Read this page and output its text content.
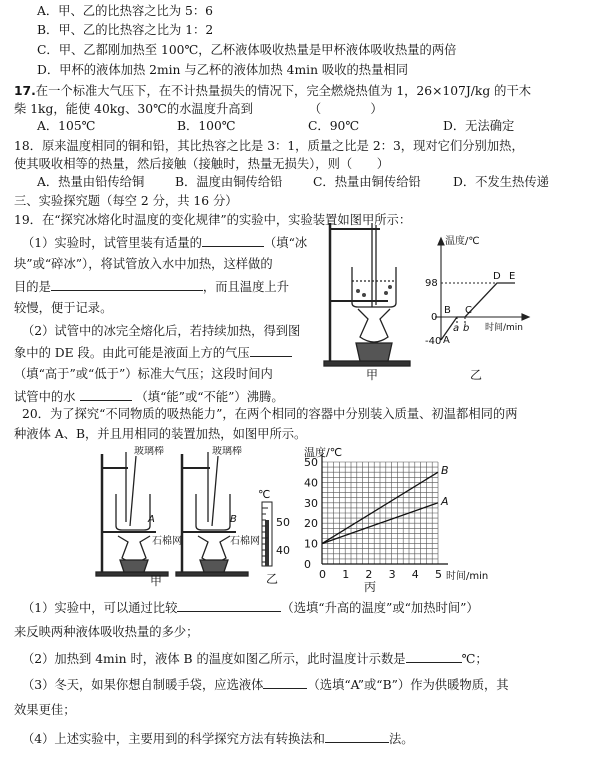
A．甲、乙的比热容之比为 5：6
B．甲、乙的比热容之比为 1：2
C．甲、乙都刚加热至 100℃，乙杯液体吸收热量是甲杯液体吸收热量的两倍
D．甲杯的液体加热 2min 与乙杯的液体加热 4min 吸收的热量相同
17.在一个标准大气压下，在不计热量损失的情况下，完全燃烧热值为 1，26×107J/kg 的干木
柴 1kg，能使 40kg、30℃的水温度升高到	（　　　　）
A．105℃	B．100℃	C．90℃	D．无法确定
18．原来温度相同的铜和铅，其比热容之比是 3：1，质量之比是 2：3，现对它们分别加热，
使其吸收相等的热量，然后接触（接触时，热量无损失），则（　　）
A．热量由铅传给铜 B．温度由铜传给铅 C．热量由铜传给铅	D．不发生热传递
三、实验探究题（每空 2 分，共 16 分）
19．在“探究冰熔化时温度的变化规律”的实验中，实验装置如图甲所示：
（1）实验时，试管里装有适量的	（填“冰
块”或“碎冰”），将试管放入水中加热，这样做的
目的是	，而且温度上升
较慢，便于记录。
（2）试管中的冰完全熔化后，若持续加热，得到图
象中的 DE 段。由此可能是液面上方的气压
（填“高于”或“低于”）标准大气压；这段时间内
试管中的水	（填“能”或“不能”）沸腾。
甲
温度/℃
98
0
-40
B C
D E
A
a b 时间/min
乙
20．为了探究“不同物质的吸热能力”，在两个相同的容器中分别装入质量、初温都相同的两
种液体 A、B，并且用相同的装置加热，如图甲所示。
玻璃棒	玻璃棒
A	B
石棉网	石棉网
甲
℃
50
40
乙
0
10
20
30
40
50
0 1 2 3 4 5
温度/℃
时间/min
B
A
丙
（1）实验中，可以通过比较	（选填“升高的温度”或“加热时间”）
来反映两种液体吸收热量的多少；
（2）加热到 4min 时，液体 B 的温度如图乙所示，此时温度计示数是	℃；
（3）冬天，如果你想自制暖手袋，应选液体	（选填“A”或“B”）作为供暖物质，其
效果更佳；
（4）上述实验中，主要用到的科学探究方法有转换法和	法。
